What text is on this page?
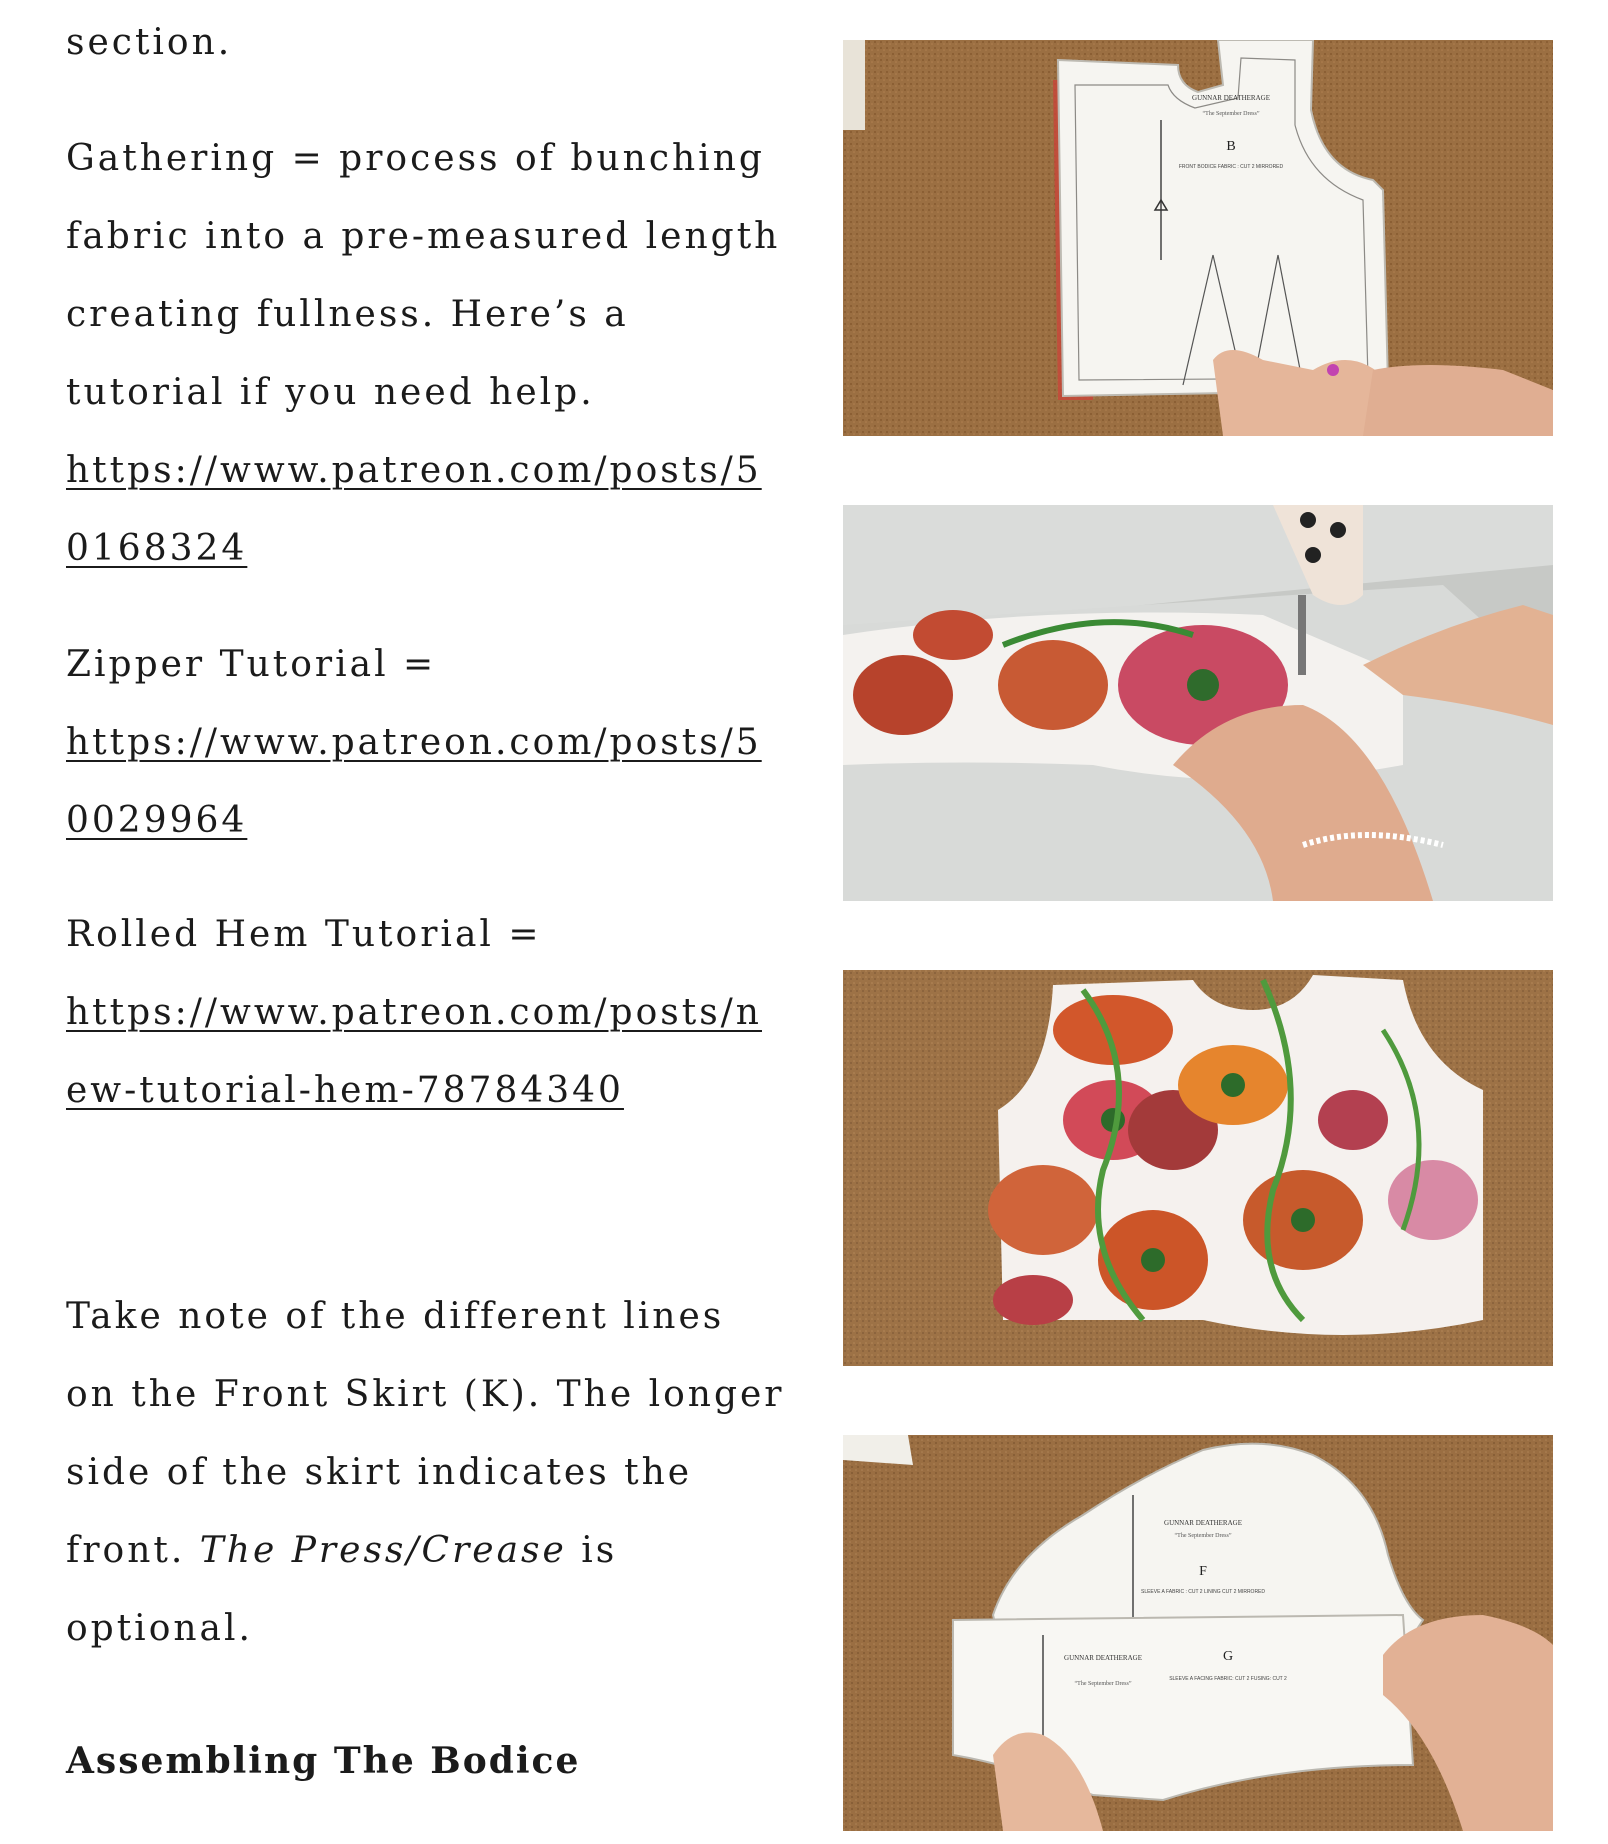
section.

Gathering = process of bunching fabric into a pre-measured length creating fullness. Here’s a tutorial if you need help.
https://www.patreon.com/posts/50168324

Zipper Tutorial =
https://www.patreon.com/posts/50029964

Rolled Hem Tutorial =
https://www.patreon.com/posts/new-tutorial-hem-78784340

Take note of the different lines on the Front Skirt (K). The longer side of the skirt indicates the front. The Press/Crease is optional.

Assembling The Bodice
GUNNAR DEATHERAGE
“The September Dress”
B
FRONT BODICE FABRIC : CUT 2 MIRRORED
GUNNAR DEATHERAGE
“The September Dress”
F
SLEEVE A FABRIC : CUT 2 LINING CUT 2 MIRRORED
GUNNAR DEATHERAGE
“The September Dress”
G
SLEEVE A FACING FABRIC: CUT 2 FUSING: CUT 2
